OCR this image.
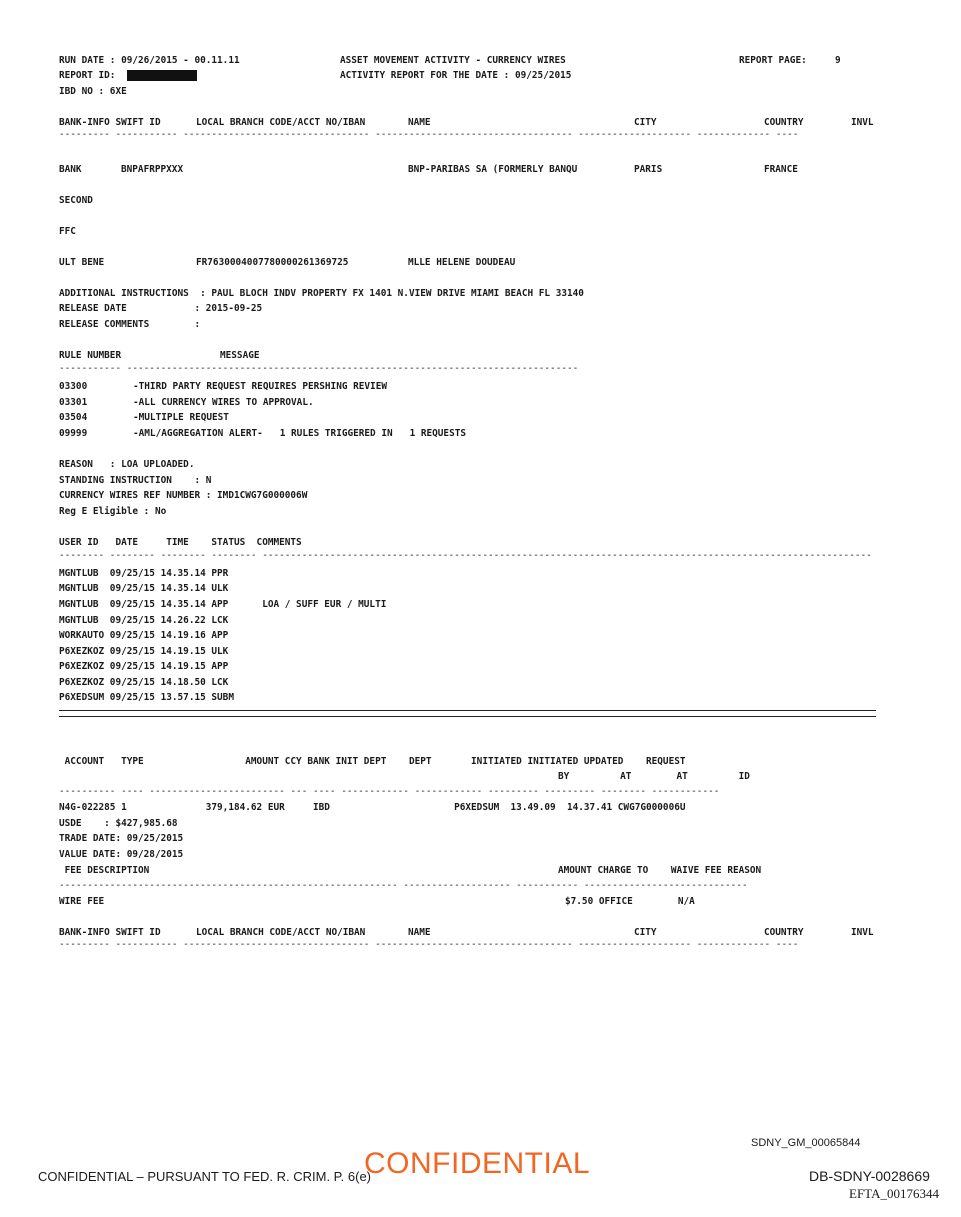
RUN DATE : 09/26/2015 - 00.11.11	ASSET MOVEMENT ACTIVITY - CURRENCY WIRES	REPORT PAGE:     9
REPORT ID:	ACTIVITY REPORT FOR THE DATE : 09/25/2015
IBD NO : 6XE
BANK-INFO SWIFT ID	LOCAL BRANCH CODE/ACCT NO/IBAN	NAME	CITY	COUNTRY	INVL
--------- ----------- --------------------------------- ----------------------------------- -------------------- ------------- ----
BANK	BNPAFRPPXXX	BNP-PARIBAS SA (FORMERLY BANQU	PARIS	FRANCE
SECOND
FFC
ULT BENE	FR7630004007780000261369725	MLLE HELENE DOUDEAU
ADDITIONAL INSTRUCTIONS  : PAUL BLOCH INDV PROPERTY FX 1401 N.VIEW DRIVE MIAMI BEACH FL 33140
RELEASE DATE            : 2015-09-25
RELEASE COMMENTS        :
RULE NUMBER	MESSAGE
----------- --------------------------------------------------------------------------------
03300	-THIRD PARTY REQUEST REQUIRES PERSHING REVIEW
03301	-ALL CURRENCY WIRES TO APPROVAL.
03504	-MULTIPLE REQUEST
09999	-AML/AGGREGATION ALERT-   1 RULES TRIGGERED IN   1 REQUESTS
REASON   : LOA UPLOADED.
STANDING INSTRUCTION    : N
CURRENCY WIRES REF NUMBER : IMD1CWG7G000006W
Reg E Eligible : No
USER ID   DATE     TIME    STATUS  COMMENTS
-------- -------- -------- -------- ------------------------------------------------------------------------------------------------------------
MGNTLUB  09/25/15 14.35.14 PPR
MGNTLUB  09/25/15 14.35.14 ULK
MGNTLUB  09/25/15 14.35.14 APP      LOA / SUFF EUR / MULTI
MGNTLUB  09/25/15 14.26.22 LCK
WORKAUTO 09/25/15 14.19.16 APP
P6XEZKOZ 09/25/15 14.19.15 ULK
P6XEZKOZ 09/25/15 14.19.15 APP
P6XEZKOZ 09/25/15 14.18.50 LCK
P6XEDSUM 09/25/15 13.57.15 SUBM
ACCOUNT   TYPE                  AMOUNT CCY BANK INIT DEPT    DEPT       INITIATED INITIATED UPDATED    REQUEST
BY         AT        AT         ID
---------- ---- ------------------------ --- ---- ------------ ------------ --------- --------- -------- ------------
N4G-022285 1              379,184.62 EUR     IBD                      P6XEDSUM  13.49.09  14.37.41 CWG7G000006U
USDE    : $427,985.68
TRADE DATE: 09/25/2015
VALUE DATE: 09/28/2015
FEE DESCRIPTION	AMOUNT CHARGE TO    WAIVE FEE REASON
------------------------------------------------------------ ------------------- ----------- -----------------------------
WIRE FEE	$7.50 OFFICE        N/A
BANK-INFO SWIFT ID	LOCAL BRANCH CODE/ACCT NO/IBAN	NAME	CITY	COUNTRY	INVL
--------- ----------- --------------------------------- ----------------------------------- -------------------- ------------- ----
SDNY_GM_00065844
CONFIDENTIAL – PURSUANT TO FED. R. CRIM. P. 6(e)
CONFIDENTIAL	DB-SDNY-0028669
EFTA_00176344
